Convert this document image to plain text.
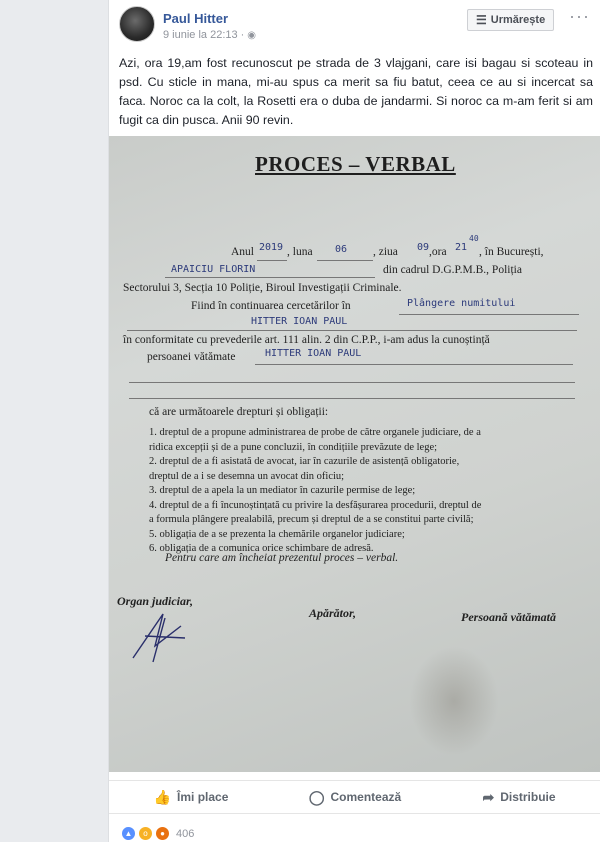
Paul Hitter
9 iunie la 22:13 · ◉
☰ Urmărește ···
Azi, ora 19,am fost recunoscut pe strada de 3 vlajgani, care isi bagau si scoteau in psd. Cu sticle in mana, mi-au spus ca merit sa fiu batut, ceea ce au si incercat sa faca. Noroc ca la colt, la Rosetti era o duba de jandarmi. Si noroc ca m-am ferit si am fugit ca din pusca. Anii 90 revin.
PROCES – VERBAL
Anul 2019 , luna 06 , ziua 09 ,ora 21
40
, în București,
APAICIU FLORIN	din cadrul D.G.P.M.B., Poliția
Sectorului 3, Secția 10 Poliție, Biroul Investigații Criminale.
Fiind în continuarea cercetărilor în	Plângere numitului
HITTER IOAN PAUL
în conformitate cu prevederile art. 111 alin. 2 din C.P.P., i-am adus la cunoștință
persoanei vătămate	HITTER IOAN PAUL
că are următoarele drepturi și obligații:
1. dreptul de a propune administrarea de probe de către organele judiciare, de a
ridica excepții și de a pune concluzii, în condițiile prevăzute de lege;
2. dreptul de a fi asistată de avocat, iar în cazurile de asistență obligatorie,
dreptul de a i se desemna un avocat din oficiu;
3. dreptul de a apela la un mediator în cazurile permise de lege;
4. dreptul de a fi încunoștințată cu privire la desfășurarea procedurii, dreptul de
a formula plângere prealabilă, precum și dreptul de a se constitui parte civilă;
5. obligația de a se prezenta la chemările organelor judiciare;
6. obligația de a comunica orice schimbare de adresă.
Pentru care am încheiat prezentul proces – verbal.
Organ judiciar,
Apărător,	Persoană vătămată
👍 Îmi place	◯ Comentează	➦ Distribuie
▲	o	●	406
